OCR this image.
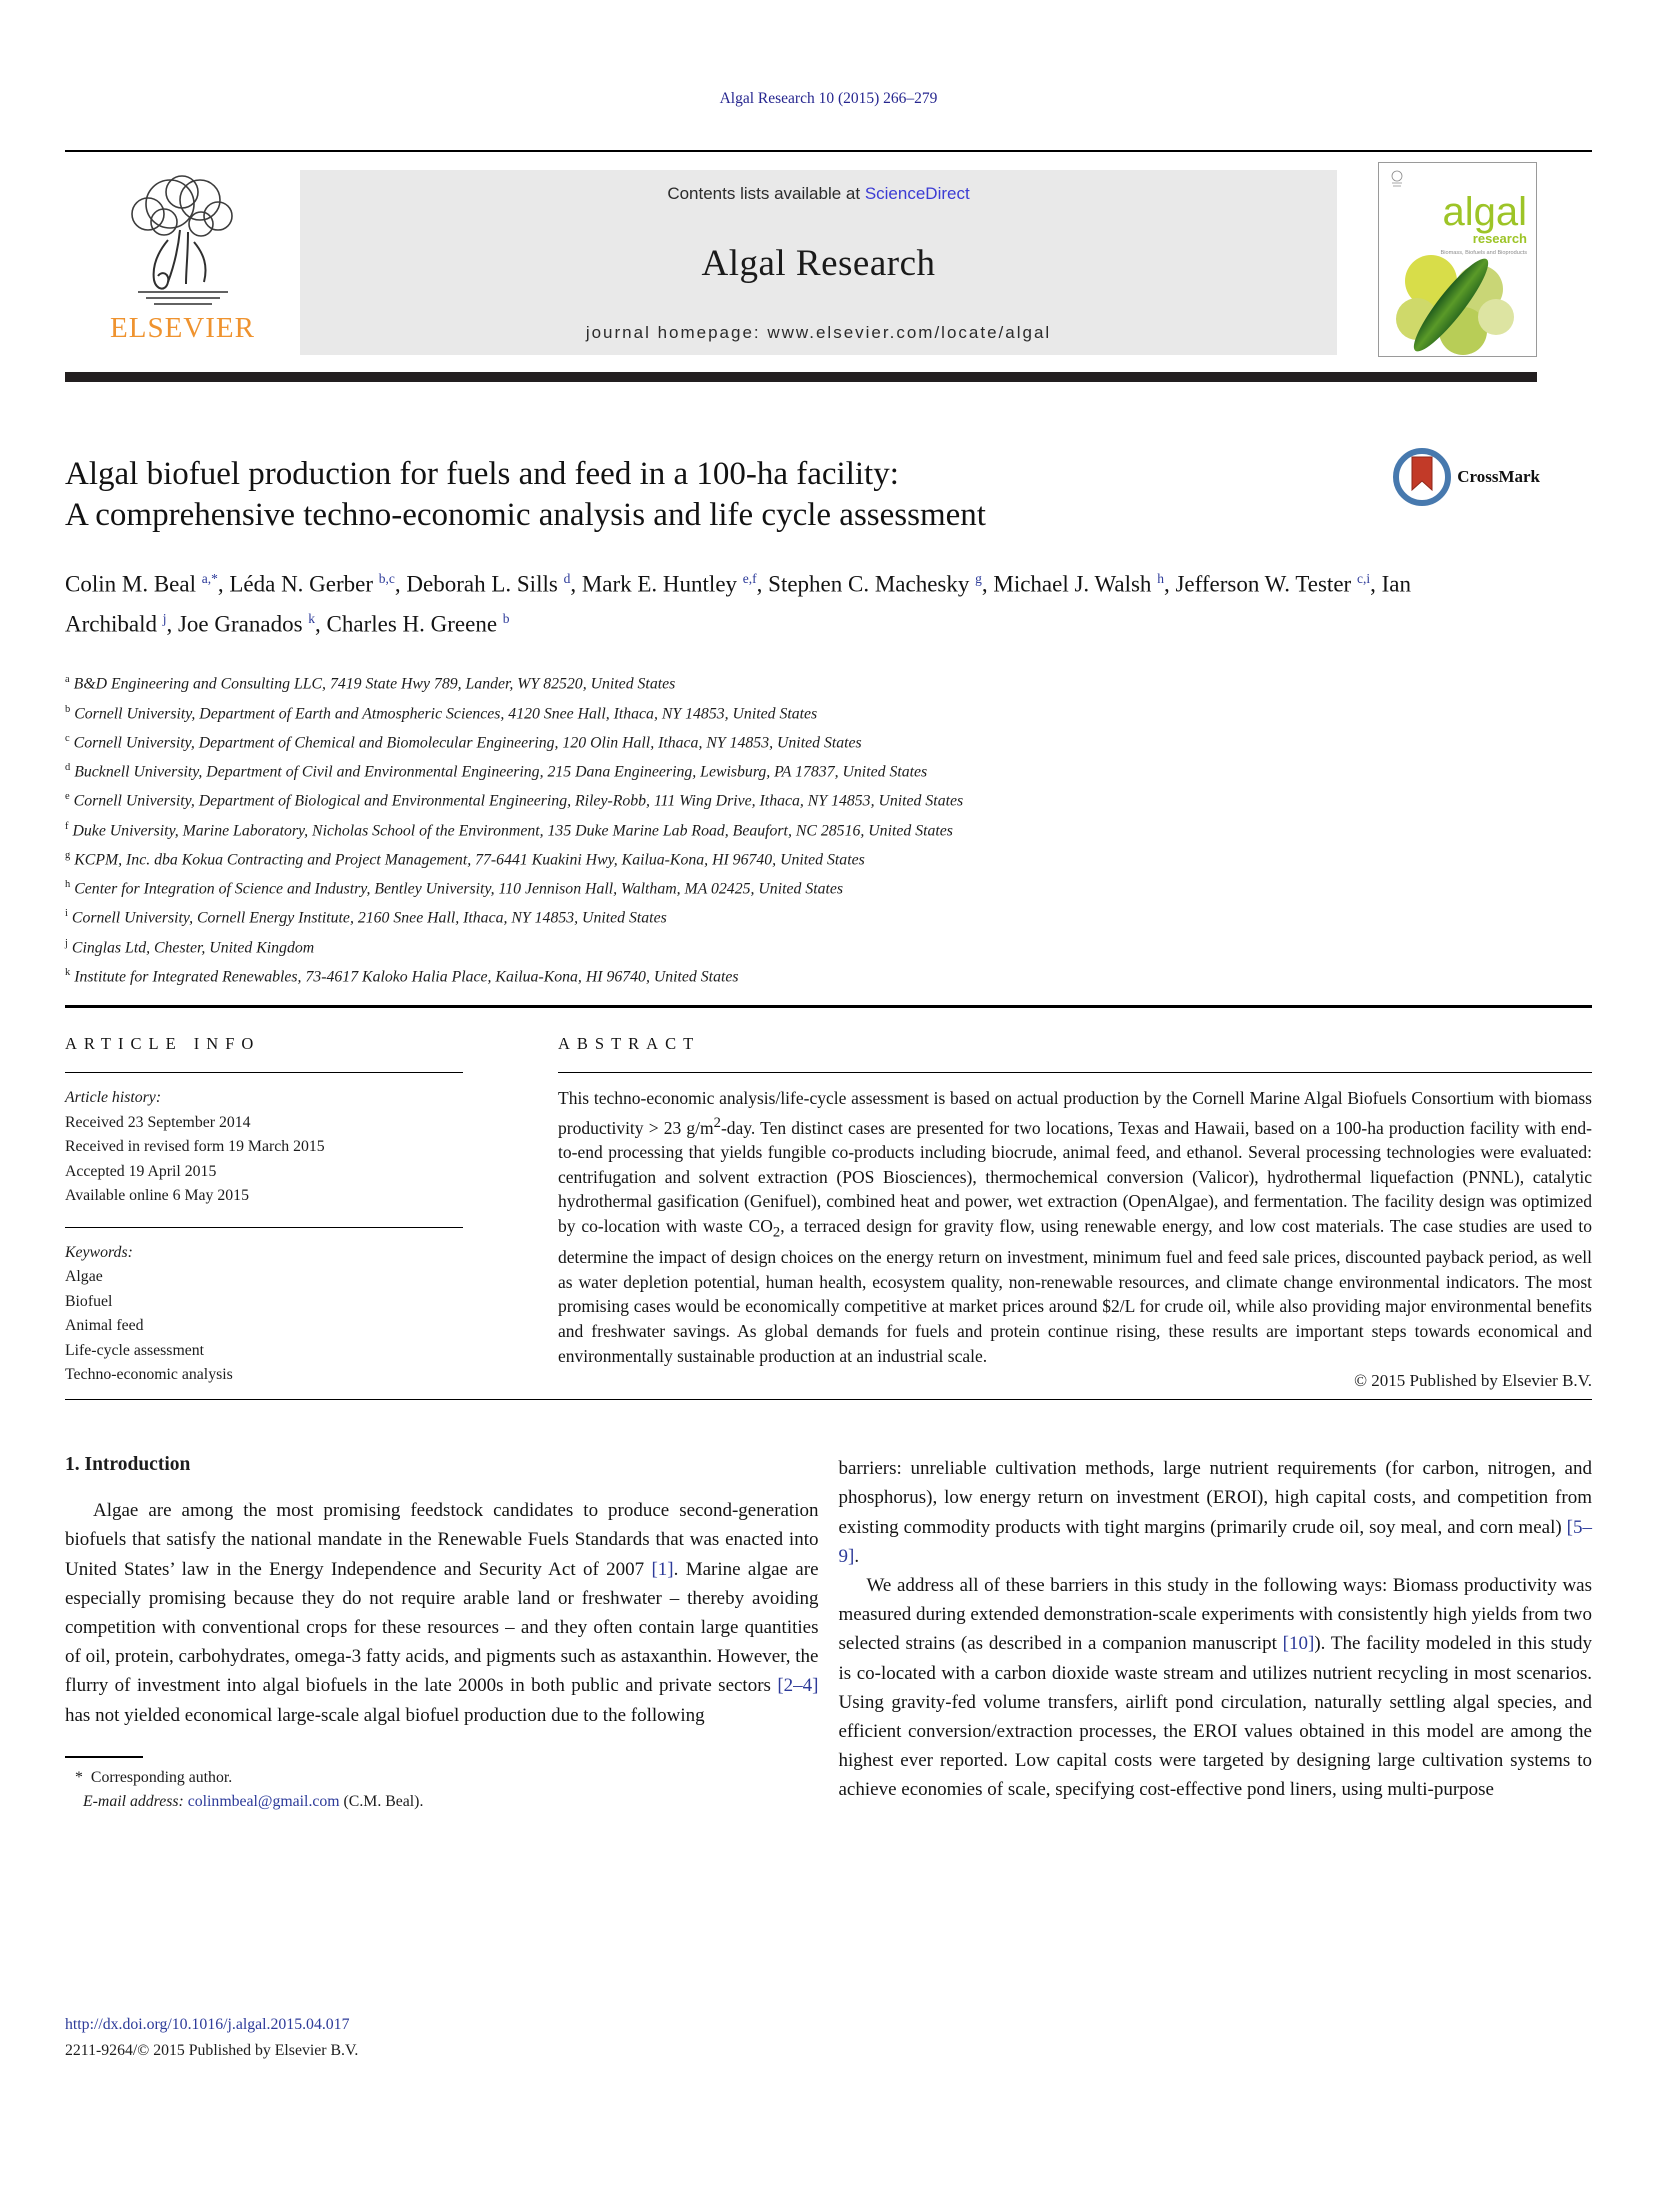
Algal Research 10 (2015) 266–279
ELSEVIER
Contents lists available at ScienceDirect
Algal Research
journal homepage: www.elsevier.com/locate/algal
algal
research
Biomass, Biofuels and Bioproducts
Algal biofuel production for fuels and feed in a 100-ha facility:
A comprehensive techno-economic analysis and life cycle assessment
CrossMark

Colin M. Beal $^{a,*}$, Léda N. Gerber $^{b,c}$, Deborah L. Sills $^d$, Mark E. Huntley $^{e,f}$, Stephen C. Machesky $^g$, Michael J. Walsh $^h$, Jefferson W. Tester $^{c,i}$, Ian Archibald $^j$, Joe Granados $^k$, Charles H. Greene $^b$

$^a$ B&D Engineering and Consulting LLC, 7419 State Hwy 789, Lander, WY 82520, United States
$^b$ Cornell University, Department of Earth and Atmospheric Sciences, 4120 Snee Hall, Ithaca, NY 14853, United States
$^c$ Cornell University, Department of Chemical and Biomolecular Engineering, 120 Olin Hall, Ithaca, NY 14853, United States
$^d$ Bucknell University, Department of Civil and Environmental Engineering, 215 Dana Engineering, Lewisburg, PA 17837, United States
$^e$ Cornell University, Department of Biological and Environmental Engineering, Riley-Robb, 111 Wing Drive, Ithaca, NY 14853, United States
$^f$ Duke University, Marine Laboratory, Nicholas School of the Environment, 135 Duke Marine Lab Road, Beaufort, NC 28516, United States
$^g$ KCPM, Inc. dba Kokua Contracting and Project Management, 77-6441 Kuakini Hwy, Kailua-Kona, HI 96740, United States
$^h$ Center for Integration of Science and Industry, Bentley University, 110 Jennison Hall, Waltham, MA 02425, United States
$^i$ Cornell University, Cornell Energy Institute, 2160 Snee Hall, Ithaca, NY 14853, United States
$^j$ Cinglas Ltd, Chester, United Kingdom
$^k$ Institute for Integrated Renewables, 73-4617 Kaloko Halia Place, Kailua-Kona, HI 96740, United States
ARTICLE INFO
Article history:
Received 23 September 2014
Received in revised form 19 March 2015
Accepted 19 April 2015
Available online 6 May 2015
Keywords:
Algae
Biofuel
Animal feed
Life-cycle assessment
Techno-economic analysis
ABSTRACT

This techno-economic analysis/life-cycle assessment is based on actual production by the Cornell Marine Algal Biofuels Consortium with biomass productivity > 23 $g/m^2$-day. Ten distinct cases are presented for two locations, Texas and Hawaii, based on a 100-ha production facility with end-to-end processing that yields fungible co-products including biocrude, animal feed, and ethanol. Several processing technologies were evaluated: centrifugation and solvent extraction (POS Biosciences), thermochemical conversion (Valicor), hydrothermal liquefaction (PNNL), catalytic hydrothermal gasification (Genifuel), combined heat and power, wet extraction (OpenAlgae), and fermentation. The facility design was optimized by co-location with waste $CO_2$, a terraced design for gravity flow, using renewable energy, and low cost materials. The case studies are used to determine the impact of design choices on the energy return on investment, minimum fuel and feed sale prices, discounted payback period, as well as water depletion potential, human health, ecosystem quality, non-renewable resources, and climate change environmental indicators. The most promising cases would be economically competitive at market prices around $2/L for crude oil, while also providing major environmental benefits and freshwater savings. As global demands for fuels and protein continue rising, these results are important steps towards economical and environmentally sustainable production at an industrial scale.

© 2015 Published by Elsevier B.V.
1. Introduction

Algae are among the most promising feedstock candidates to produce second-generation biofuels that satisfy the national mandate in the Renewable Fuels Standards that was enacted into United States’ law in the Energy Independence and Security Act of 2007 [1]. Marine algae are especially promising because they do not require arable land or freshwater – thereby avoiding competition with conventional crops for these resources – and they often contain large quantities of oil, protein, carbohydrates, omega-3 fatty acids, and pigments such as astaxanthin. However, the flurry of investment into algal biofuels in the late 2000s in both public and private sectors [2–4] has not yielded economical large-scale algal biofuel production due to the following

* Corresponding author.
E-mail address: colinmbeal@gmail.com (C.M. Beal).

barriers: unreliable cultivation methods, large nutrient requirements (for carbon, nitrogen, and phosphorus), low energy return on investment (EROI), high capital costs, and competition from existing commodity products with tight margins (primarily crude oil, soy meal, and corn meal) [5–9].

We address all of these barriers in this study in the following ways: Biomass productivity was measured during extended demonstration-scale experiments with consistently high yields from two selected strains (as described in a companion manuscript [10]). The facility modeled in this study is co-located with a carbon dioxide waste stream and utilizes nutrient recycling in most scenarios. Using gravity-fed volume transfers, airlift pond circulation, naturally settling algal species, and efficient conversion/extraction processes, the EROI values obtained in this model are among the highest ever reported. Low capital costs were targeted by designing large cultivation systems to achieve economies of scale, specifying cost-effective pond liners, using multi-purpose

http://dx.doi.org/10.1016/j.algal.2015.04.017
2211-9264/© 2015 Published by Elsevier B.V.
